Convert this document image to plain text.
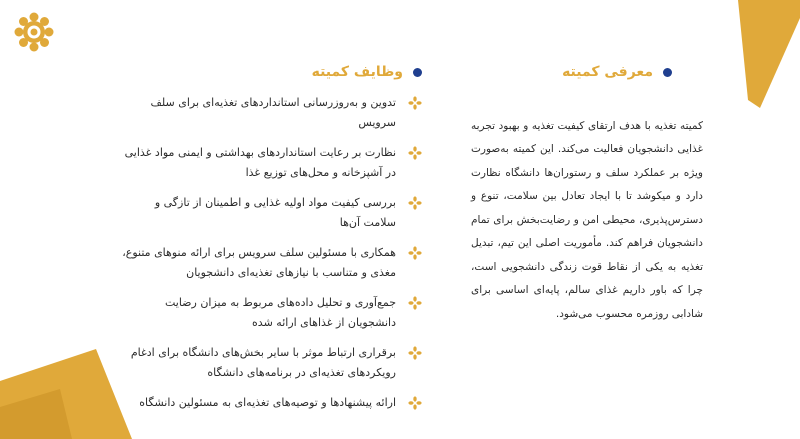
معرفی کمیته
وظایف کمیته

کمیته تغذیه با هدف ارتقای کیفیت تغذیه و بهبود تجربه غذایی دانشجویان فعالیت می‌کند. این کمیته به‌صورت ویژه بر عملکرد سلف و رستوران‌ها دانشگاه نظارت دارد و میکوشد تا با ایجاد تعادل بین سلامت، تنوع و دسترس‌پذیری، محیطی امن و رضایت‌بخش برای تمام دانشجویان فراهم کند. مأموریت اصلی این تیم، تبدیل تغذیه به یکی از نقاط قوت زندگی دانشجویی است، چرا که باور داریم غذای سالم، پایه‌ای اساسی برای شادابی روزمره محسوب می‌شود.

تدوین و به‌روزرسانی استانداردهای تغذیه‌ای برای سلف سرویس
نظارت بر رعایت استانداردهای بهداشتی و ایمنی مواد غذایی در آشپزخانه و محل‌های توزیع غذا
بررسی کیفیت مواد اولیه غذایی و اطمینان از تازگی و سلامت آن‌ها
همکاری با مسئولین سلف سرویس برای ارائه منوهای متنوع، مغذی و متناسب با نیازهای تغذیه‌ای دانشجویان
جمع‌آوری و تحلیل داده‌های مربوط به میزان رضایت دانشجویان از غذاهای ارائه شده
برقراری ارتباط موثر با سایر بخش‌های دانشگاه برای ادغام رویکردهای تغذیه‌ای در برنامه‌های دانشگاه
ارائه پیشنهادها و توصیه‌های تغذیه‌ای به مسئولین دانشگاه
